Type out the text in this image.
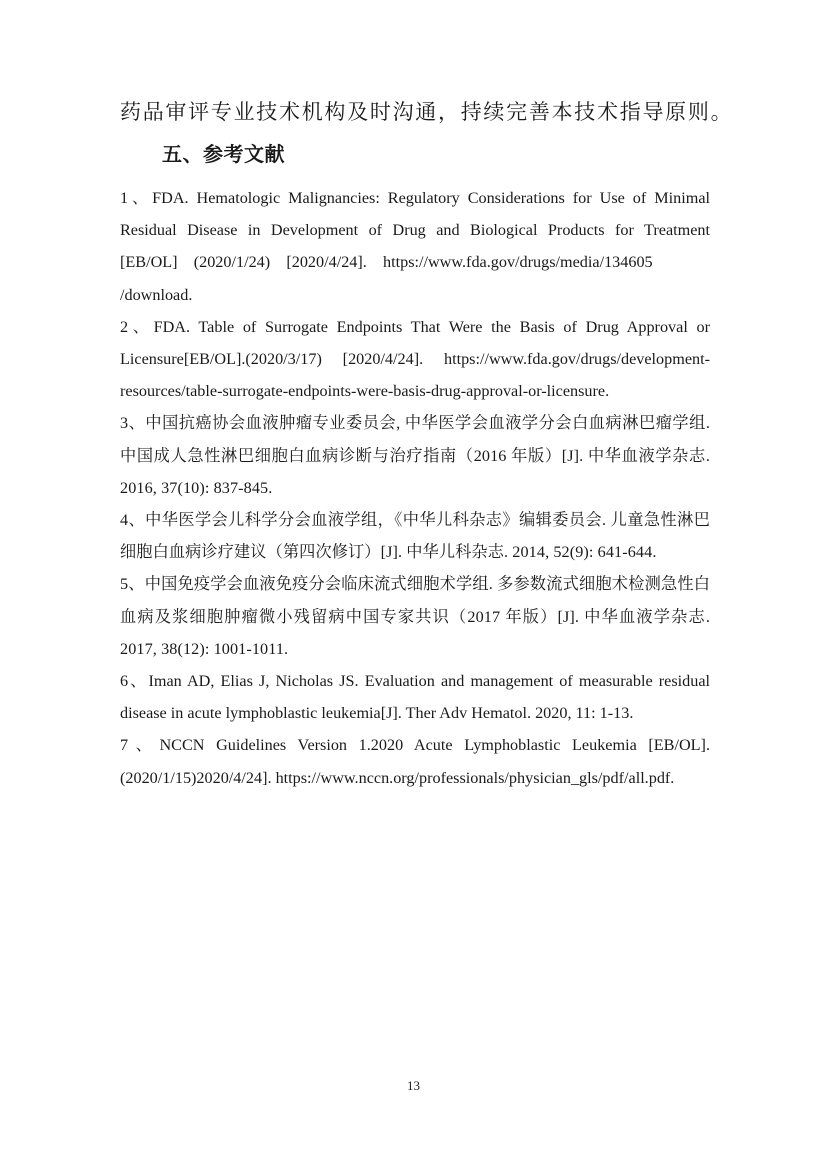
药品审评专业技术机构及时沟通，持续完善本技术指导原则。

五、参考文献
1、FDA. Hematologic Malignancies: Regulatory Considerations for Use of Minimal Residual Disease in Development of Drug and Biological Products for Treatment [EB/OL] (2020/1/24) [2020/4/24]. https://www.fda.gov/drugs/media/134605 /download.
2、FDA. Table of Surrogate Endpoints That Were the Basis of Drug Approval or Licensure[EB/OL].(2020/3/17) [2020/4/24]. https://www.fda.gov/drugs/development-resources/table-surrogate-endpoints-were-basis-drug-approval-or-licensure.
3、中国抗癌协会血液肿瘤专业委员会, 中华医学会血液学分会白血病淋巴瘤学组. 中国成人急性淋巴细胞白血病诊断与治疗指南（2016 年版）[J]. 中华血液学杂志. 2016, 37(10): 837-845.
4、中华医学会儿科学分会血液学组，《中华儿科杂志》编辑委员会. 儿童急性淋巴细胞白血病诊疗建议（第四次修订）[J]. 中华儿科杂志. 2014, 52(9): 641-644.
5、中国免疫学会血液免疫分会临床流式细胞术学组. 多参数流式细胞术检测急性白血病及浆细胞肿瘤微小残留病中国专家共识（2017 年版）[J]. 中华血液学杂志. 2017, 38(12): 1001-1011.
6、Iman AD, Elias J, Nicholas JS. Evaluation and management of measurable residual disease in acute lymphoblastic leukemia[J]. Ther Adv Hematol. 2020, 11: 1-13.
7、NCCN Guidelines Version 1.2020 Acute Lymphoblastic Leukemia [EB/OL]. (2020/1/15)2020/4/24]. https://www.nccn.org/professionals/physician_gls/pdf/all.pdf.
13
